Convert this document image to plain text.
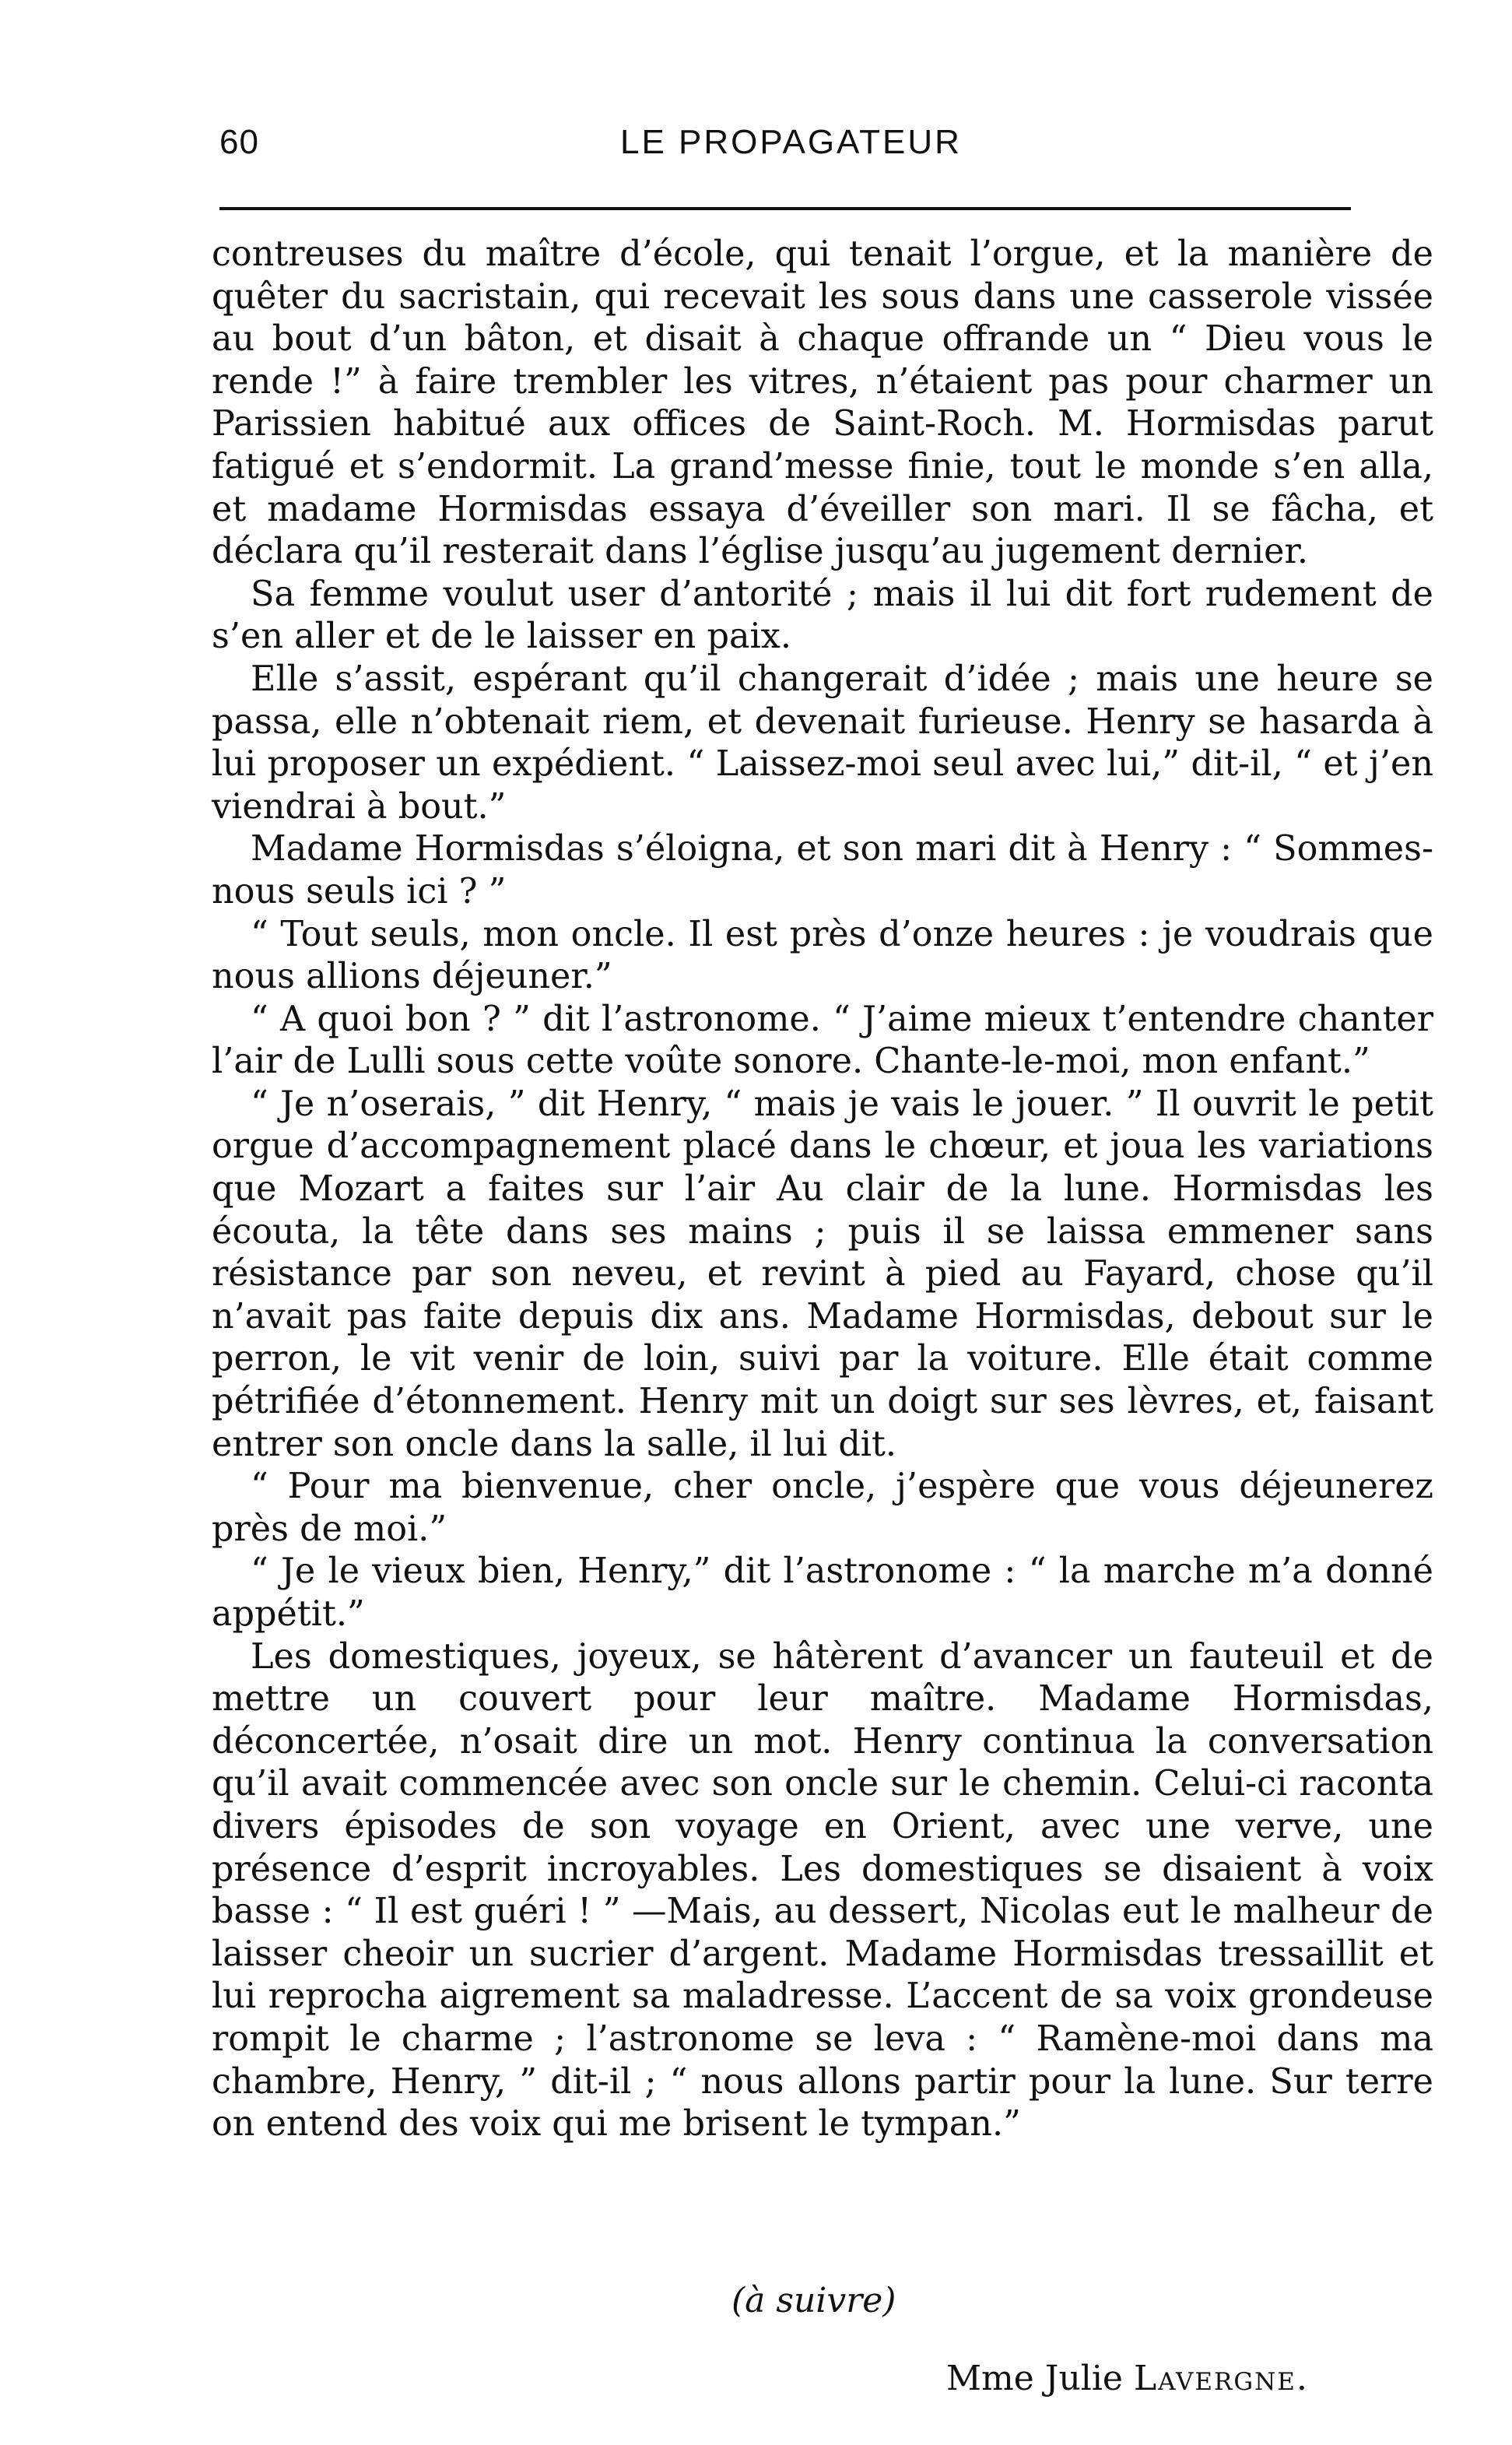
60	LE PROPAGATEUR

contreuses du maître d’école, qui tenait l’orgue, et la manière de quêter du sacristain, qui recevait les sous dans une casserole vissée au bout d’un bâton, et disait à chaque offrande un “ Dieu vous le rende !” à faire trembler les vitres, n’étaient pas pour charmer un Parissien habitué aux offices de Saint-Roch. M. Hormisdas parut fatigué et s’endormit. La grand’messe finie, tout le monde s’en alla, et madame Hormisdas essaya d’éveiller son mari. Il se fâcha, et déclara qu’il resterait dans l’église jusqu’au jugement dernier.

Sa femme voulut user d’antorité ; mais il lui dit fort rudement de s’en aller et de le laisser en paix.

Elle s’assit, espérant qu’il changerait d’idée ; mais une heure se passa, elle n’obtenait riem, et devenait furieuse. Henry se hasarda à lui proposer un expédient. “ Laissez-moi seul avec lui,” dit-il, “ et j’en viendrai à bout.”

Madame Hormisdas s’éloigna, et son mari dit à Henry : “ Sommes-nous seuls ici ? ”

“ Tout seuls, mon oncle. Il est près d’onze heures : je voudrais que nous allions déjeuner.”

“ A quoi bon ? ” dit l’astronome. “ J’aime mieux t’entendre chanter l’air de Lulli sous cette voûte sonore. Chante-le-moi, mon enfant.”

“ Je n’oserais, ” dit Henry, “ mais je vais le jouer. ” Il ouvrit le petit orgue d’accompagnement placé dans le chœur, et joua les variations que Mozart a faites sur l’air Au clair de la lune. Hormisdas les écouta, la tête dans ses mains ; puis il se laissa emmener sans résistance par son neveu, et revint à pied au Fayard, chose qu’il n’avait pas faite depuis dix ans. Madame Hormisdas, debout sur le perron, le vit venir de loin, suivi par la voiture. Elle était comme pétrifiée d’étonnement. Henry mit un doigt sur ses lèvres, et, faisant entrer son oncle dans la salle, il lui dit.

“ Pour ma bienvenue, cher oncle, j’espère que vous déjeunerez près de moi.”

“ Je le vieux bien, Henry,” dit l’astronome : “ la marche m’a donné appétit.”

Les domestiques, joyeux, se hâtèrent d’avancer un fauteuil et de mettre un couvert pour leur maître. Madame Hormisdas, déconcertée, n’osait dire un mot. Henry continua la conversation qu’il avait commencée avec son oncle sur le chemin. Celui-ci raconta divers épisodes de son voyage en Orient, avec une verve, une présence d’esprit incroyables. Les domestiques se disaient à voix basse : “ Il est guéri ! ” —Mais, au dessert, Nicolas eut le malheur de laisser cheoir un sucrier d’argent. Madame Hormisdas tressaillit et lui reprocha aigrement sa maladresse. L’accent de sa voix grondeuse rompit le charme ; l’astronome se leva : “ Ramène-moi dans ma chambre, Henry, ” dit-il ; “ nous allons partir pour la lune. Sur terre on entend des voix qui me brisent le tympan.”

(à suivre)
Mme Julie Lavergne.
